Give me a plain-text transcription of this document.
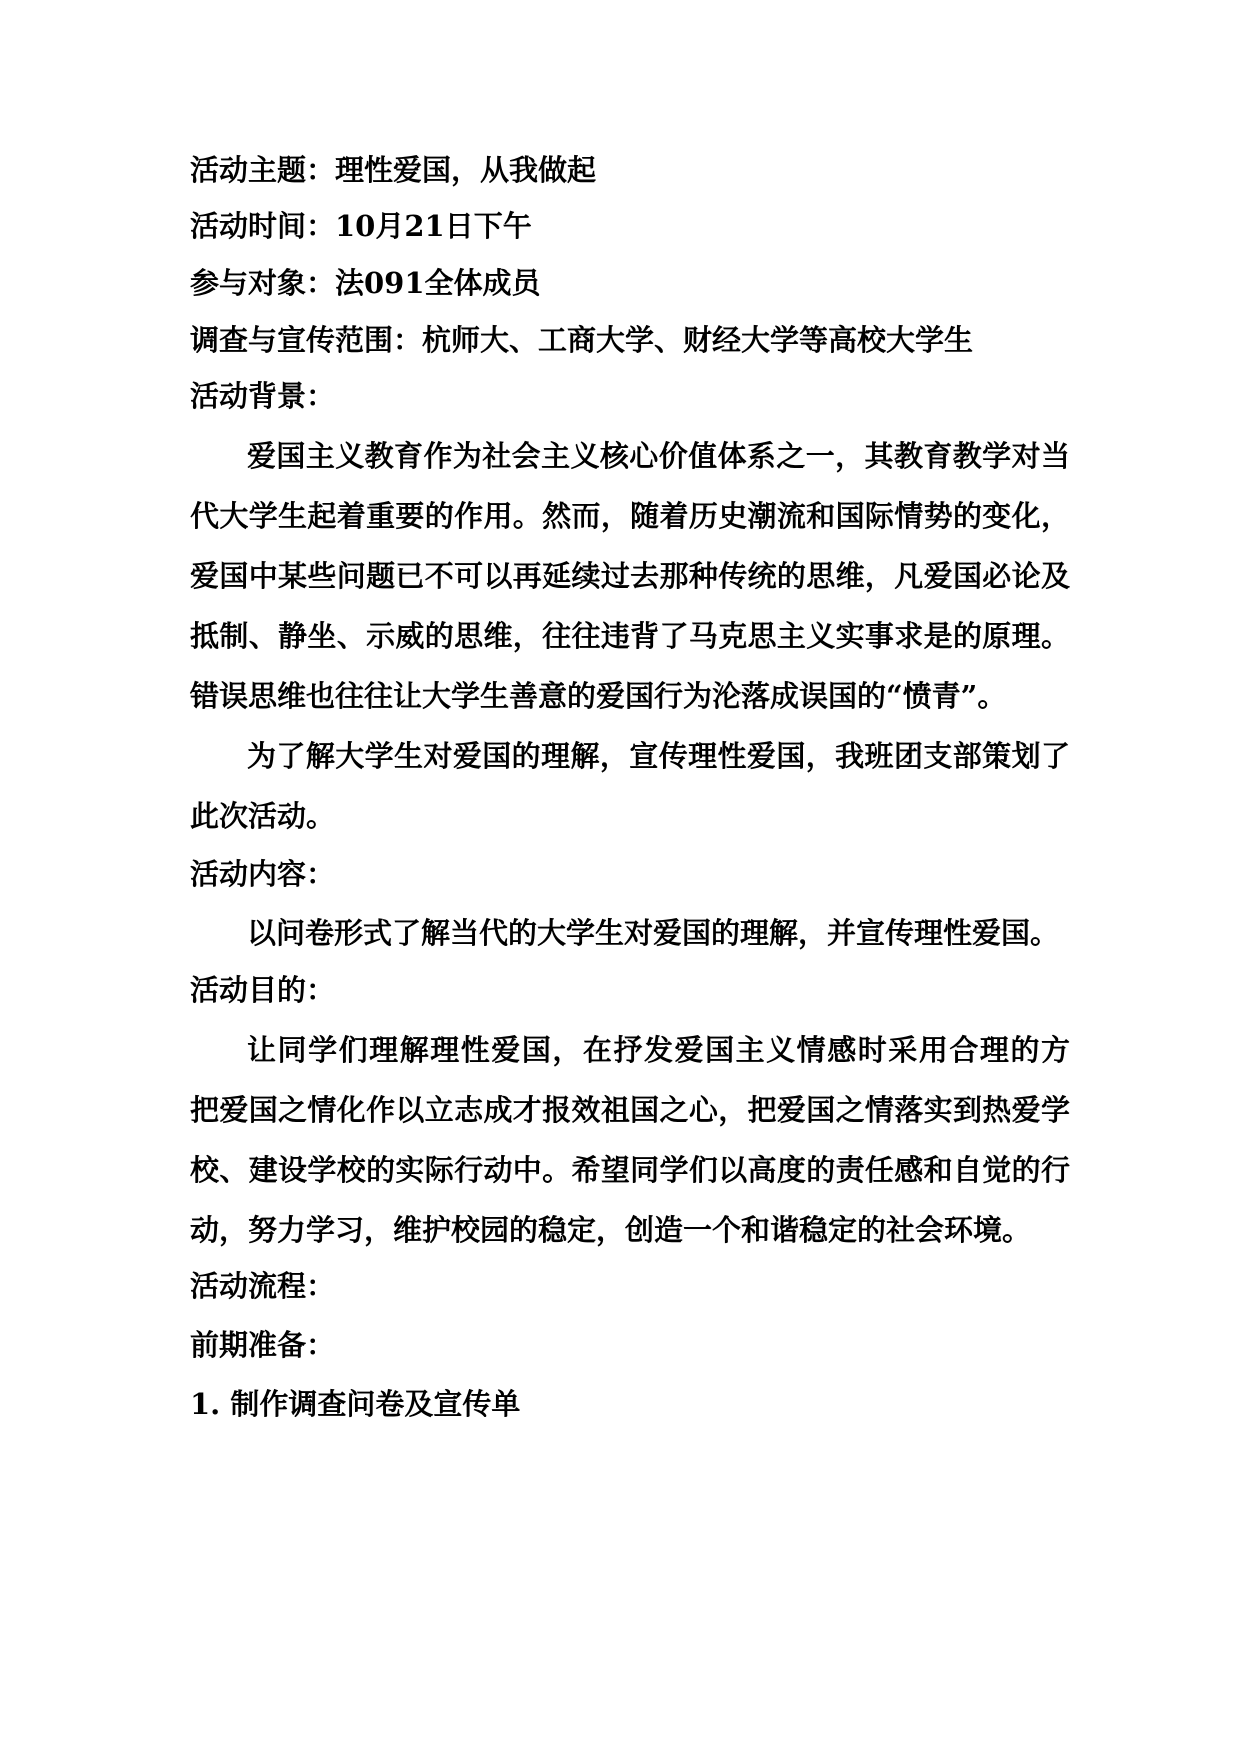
活动主题：理性爱国，从我做起
活动时间：10月21日下午
参与对象：法091全体成员
调查与宣传范围：杭师大、工商大学、财经大学等高校大学生
活动背景：
爱国主义教育作为社会主义核心价值体系之一，其教育教学对当
代大学生起着重要的作用。然而，随着历史潮流和国际情势的变化，
爱国中某些问题已不可以再延续过去那种传统的思维，凡爱国必论及
抵制、静坐、示威的思维，往往违背了马克思主义实事求是的原理。
错误思维也往往让大学生善意的爱国行为沦落成误国的“愤青”。
为了解大学生对爱国的理解，宣传理性爱国，我班团支部策划了
此次活动。
活动内容：
以问卷形式了解当代的大学生对爱国的理解，并宣传理性爱国。
活动目的：
让同学们理解理性爱国，在抒发爱国主义情感时采用合理的方
把爱国之情化作以立志成才报效祖国之心，把爱国之情落实到热爱学
校、建设学校的实际行动中。希望同学们以高度的责任感和自觉的行
动，努力学习，维护校园的稳定，创造一个和谐稳定的社会环境。
活动流程：
前期准备：
1. 制作调查问卷及宣传单
